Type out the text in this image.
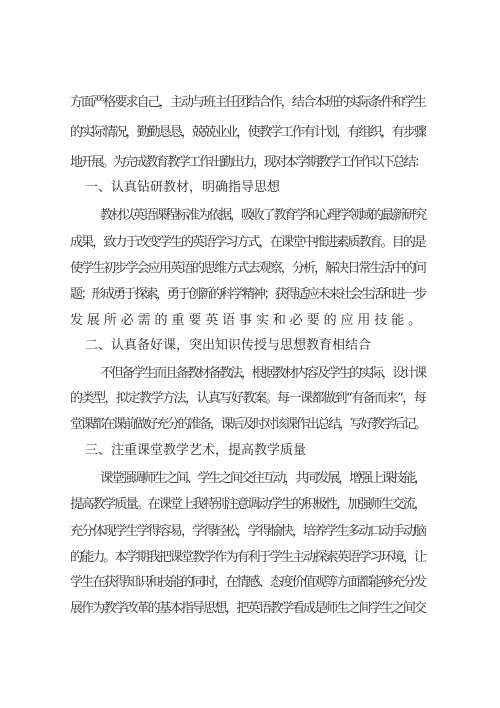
方面严格要求自己，主动与班主任团结合作，结合本班的实际条件和学生
的实际情况，勤勤恳恳，兢兢业业，使教学工作有计划，有组织，有步骤
地开展。为完成教育教学工作出勤出力，现对本学期教学工作作以下总结：
一、认真钻研教材，明确指导思想
教材以英语课程标准为依据，吸收了教育学和心理学领域的最新研究
成果，致力于改变学生的英语学习方式，在课堂中推进素质教育。目的是
使学生初步学会应用英语的思维方式去观察，分析，解决日常生活中的问
题；形成勇于探索，勇于创新的科学精神；获得适应未来社会生活和进一步
发展所必需的重要英语事实和必要的应用技能。
二、认真备好课，突出知识传授与思想教育相结合
不但备学生而且备教材备教法，根据教材内容及学生的实际，设计课
的类型，拟定教学方法，认真写好教案。每一课都做到“有备而来”，每
堂课都在课前做好充分的准备，课后及时对该课作出总结，写好教学后记。
三、注重课堂教学艺术，提高教学质量
课堂强调师生之间、学生之间交往互动，共同发展，增强上课技能，
提高教学质量。在课堂上我特别注意调动学生的积极性，加强师生交流，
充分体现学生学得容易，学得轻松，学得愉快，培养学生多动口动手动脑
的能力。本学期我把课堂教学作为有利于学生主动探索英语学习环境，让
学生在获得知识和技能的同时，在情感、态度价值观等方面都能够充分发
展作为教学改革的基本指导思想，把英语教学看成是师生之间学生之间交
